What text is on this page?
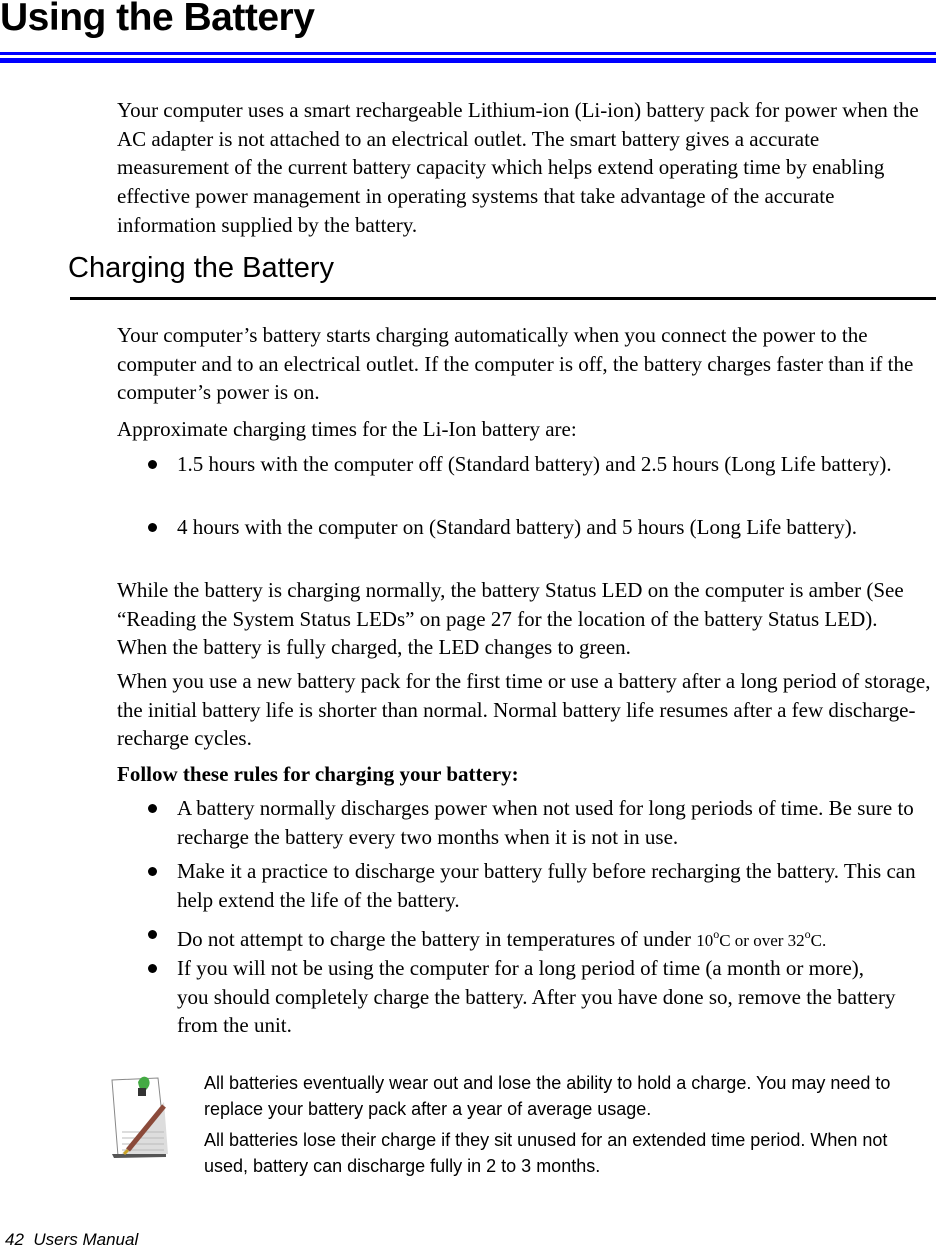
Using the Battery

Your computer uses a smart rechargeable Lithium-ion (Li-ion) battery pack for power when the AC adapter is not attached to an electrical outlet. The smart battery gives a accurate measurement of the current battery capacity which helps extend operating time by enabling effective power management in operating systems that take advantage of the accurate information supplied by the battery.

Charging the Battery

Your computer’s battery starts charging automatically when you connect the power to the computer and to an electrical outlet. If the computer is off, the battery charges faster than if the computer’s power is on.

Approximate charging times for the Li-Ion battery are:

1.5 hours with the computer off (Standard battery) and 2.5 hours (Long Life battery).

4 hours with the computer on (Standard battery) and 5 hours (Long Life battery).

While the battery is charging normally, the battery Status LED on the computer is amber (See “Reading the System Status LEDs” on page 27 for the location of the battery Status LED). When the battery is fully charged, the LED changes to green.

When you use a new battery pack for the first time or use a battery after a long period of storage, the initial battery life is shorter than normal. Normal battery life resumes after a few discharge-recharge cycles.

Follow these rules for charging your battery:

A battery normally discharges power when not used for long periods of time. Be sure to recharge the battery every two months when it is not in use.

Make it a practice to discharge your battery fully before recharging the battery. This can help extend the life of the battery.

Do not attempt to charge the battery in temperatures of under 10$^o$C or over 32$^o$C.

If you will not be using the computer for a long period of time (a month or more), you should completely charge the battery. After you have done so, remove the battery from the unit.

All batteries eventually wear out and lose the ability to hold a charge. You may need to replace your battery pack after a year of average usage.

All batteries lose their charge if they sit unused for an extended time period. When not used, battery can discharge fully in 2 to 3 months.

42  Users Manual
